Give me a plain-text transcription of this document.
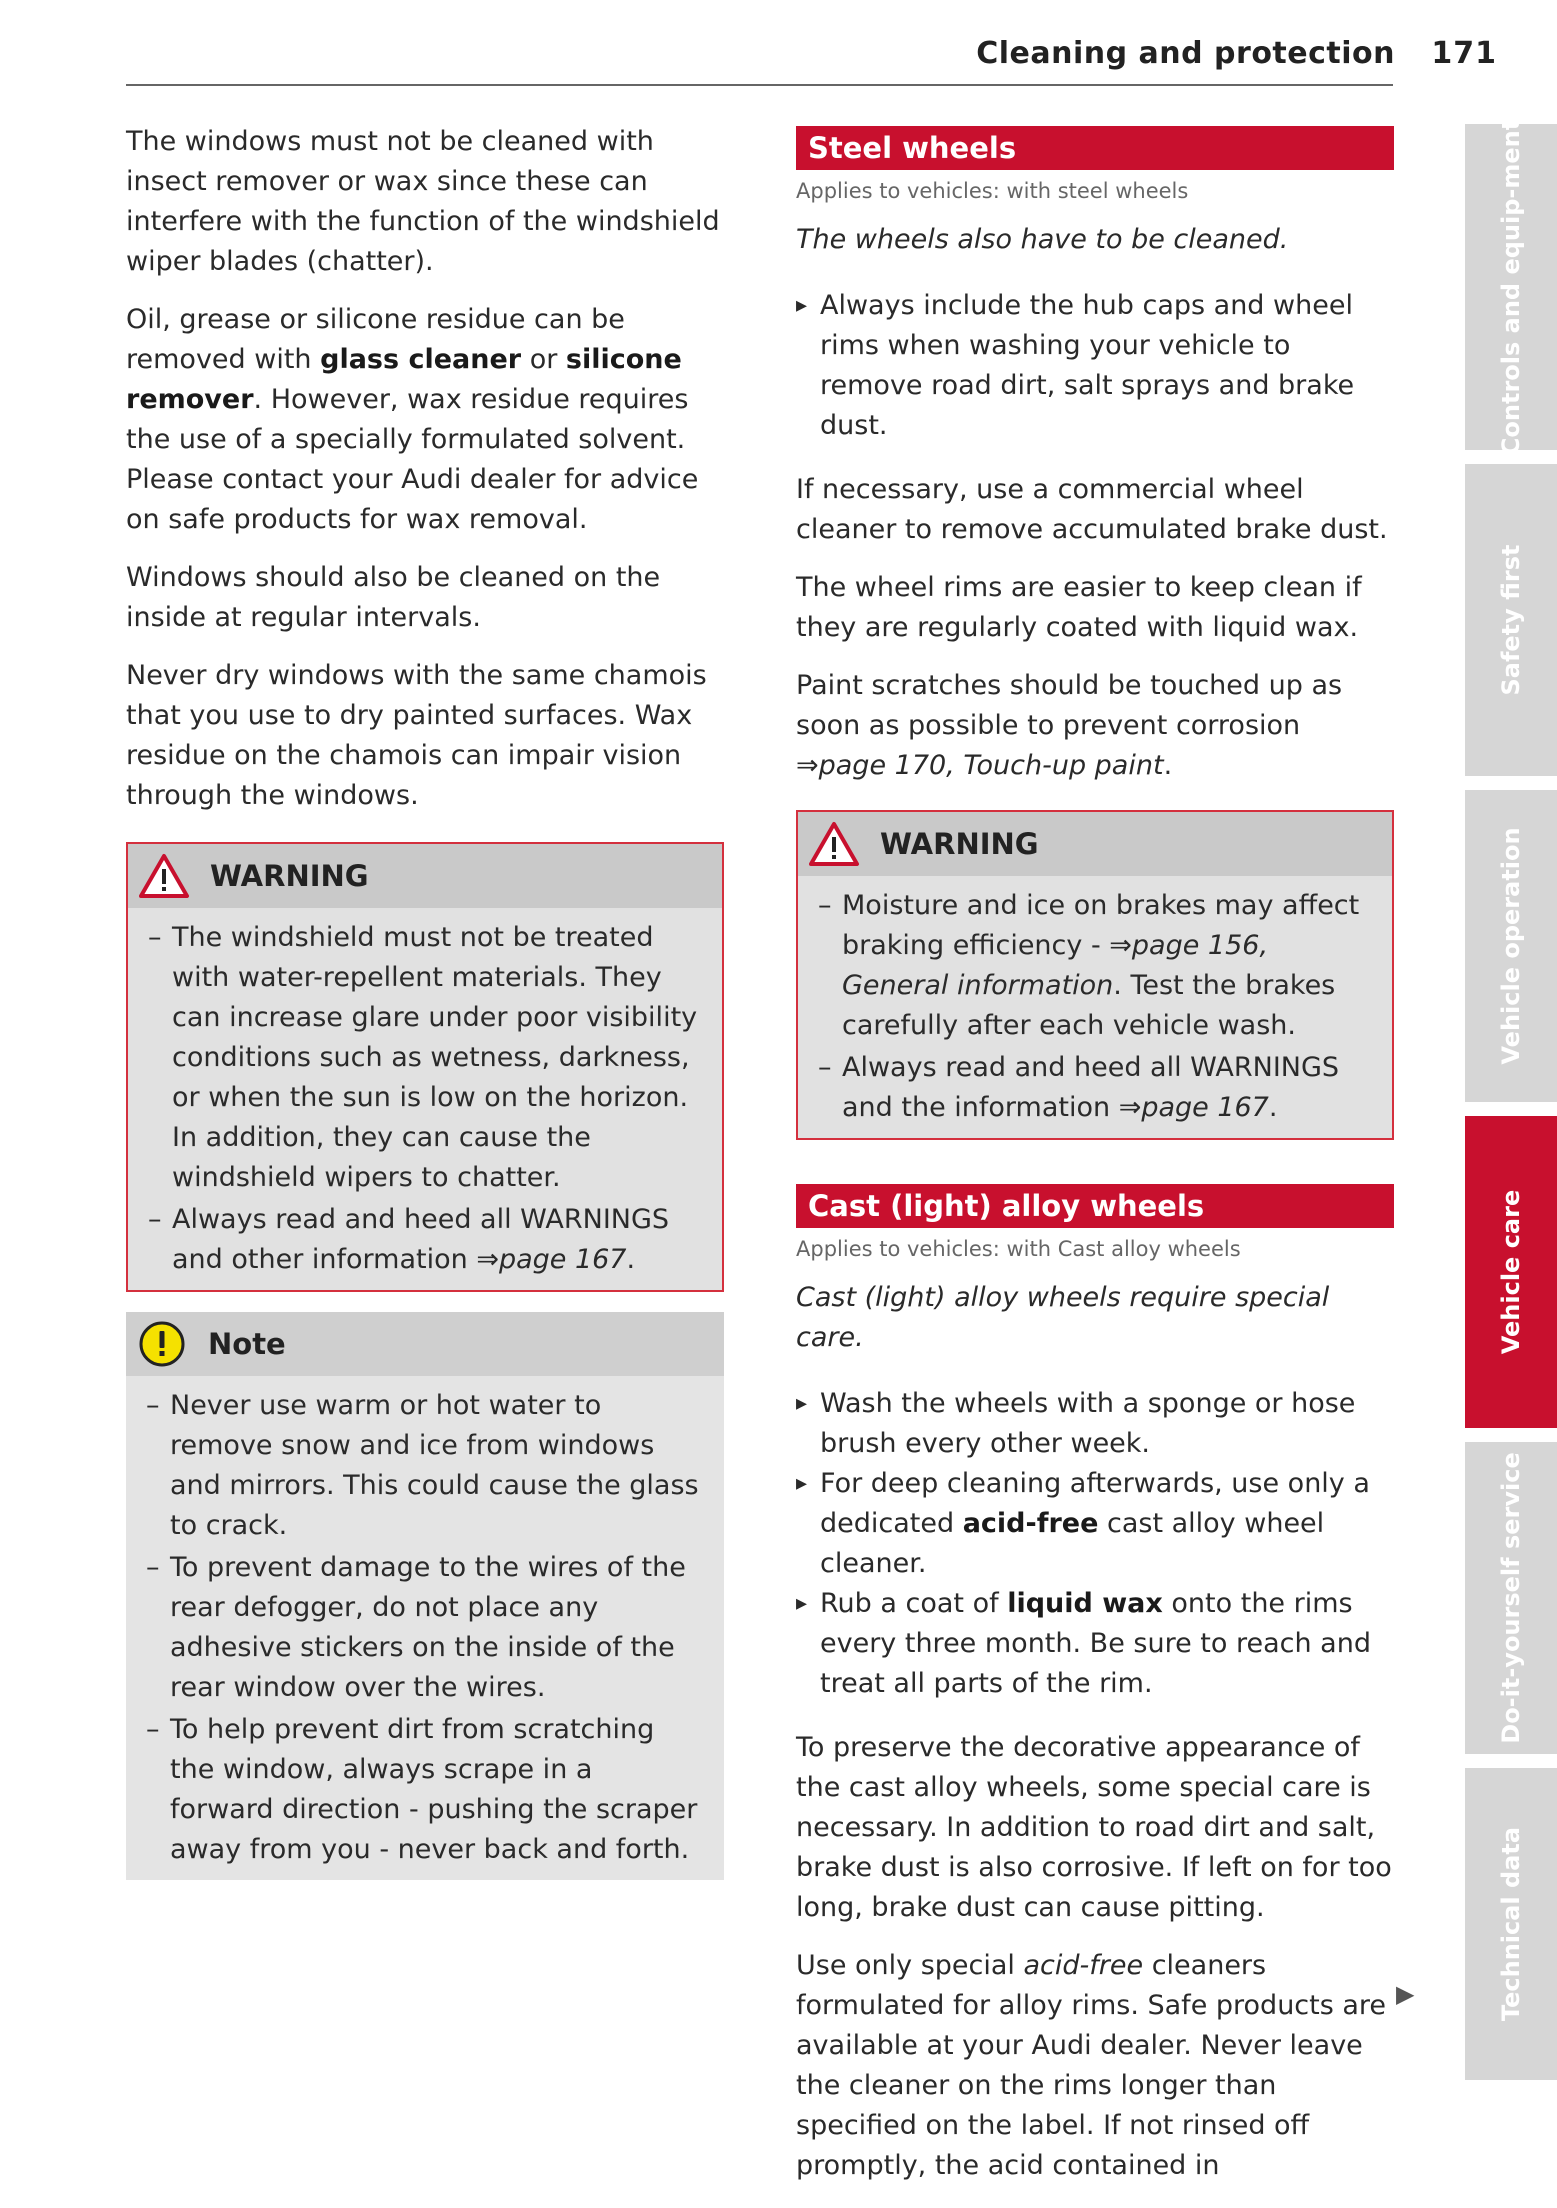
Cleaning and protection 171

The windows must not be cleaned with insect remover or wax since these can interfere with the function of the windshield wiper blades (chatter).

Oil, grease or silicone residue can be removed with glass cleaner or silicone remover. However, wax residue requires the use of a specially formulated solvent. Please contact your Audi dealer for advice on safe products for wax removal.

Windows should also be cleaned on the inside at regular intervals.

Never dry windows with the same chamois that you use to dry painted surfaces. Wax residue on the chamois can impair vision through the windows.

WARNING
– The windshield must not be treated with water-repellent materials. They can increase glare under poor visibility conditions such as wetness, darkness, or when the sun is low on the horizon. In addition, they can cause the windshield wipers to chatter.
– Always read and heed all WARNINGS and other information ⇒page 167.
Note
– Never use warm or hot water to remove snow and ice from windows and mirrors. This could cause the glass to crack.
– To prevent damage to the wires of the rear defogger, do not place any adhesive stickers on the inside of the rear window over the wires.
– To help prevent dirt from scratching the window, always scrape in a forward direction - pushing the scraper away from you - never back and forth.
Steel wheels
Applies to vehicles: with steel wheels

The wheels also have to be cleaned.

▸ Always include the hub caps and wheel rims when washing your vehicle to remove road dirt, salt sprays and brake dust.

If necessary, use a commercial wheel cleaner to remove accumulated brake dust.

The wheel rims are easier to keep clean if they are regularly coated with liquid wax.

Paint scratches should be touched up as soon as possible to prevent corrosion ⇒page 170, Touch-up paint.

WARNING
– Moisture and ice on brakes may affect braking efficiency - ⇒page 156, General information. Test the brakes carefully after each vehicle wash.
– Always read and heed all WARNINGS and the information ⇒page 167.
Cast (light) alloy wheels
Applies to vehicles: with Cast alloy wheels

Cast (light) alloy wheels require special care.

▸ Wash the wheels with a sponge or hose brush every other week.

▸ For deep cleaning afterwards, use only a dedicated acid-free cast alloy wheel cleaner.

▸ Rub a coat of liquid wax onto the rims every three month. Be sure to reach and treat all parts of the rim.

To preserve the decorative appearance of the cast alloy wheels, some special care is necessary. In addition to road dirt and salt, brake dust is also corrosive. If left on for too long, brake dust can cause pitting.

Use only special acid-free cleaners formulated for alloy rims. Safe products are available at your Audi dealer. Never leave the cleaner on the rims longer than specified on the label. If not rinsed off promptly, the acid contained in

▶
Controls and equip-ment
Safety first
Vehicle operation
Vehicle care
Do-it-yourself service
Technical data
